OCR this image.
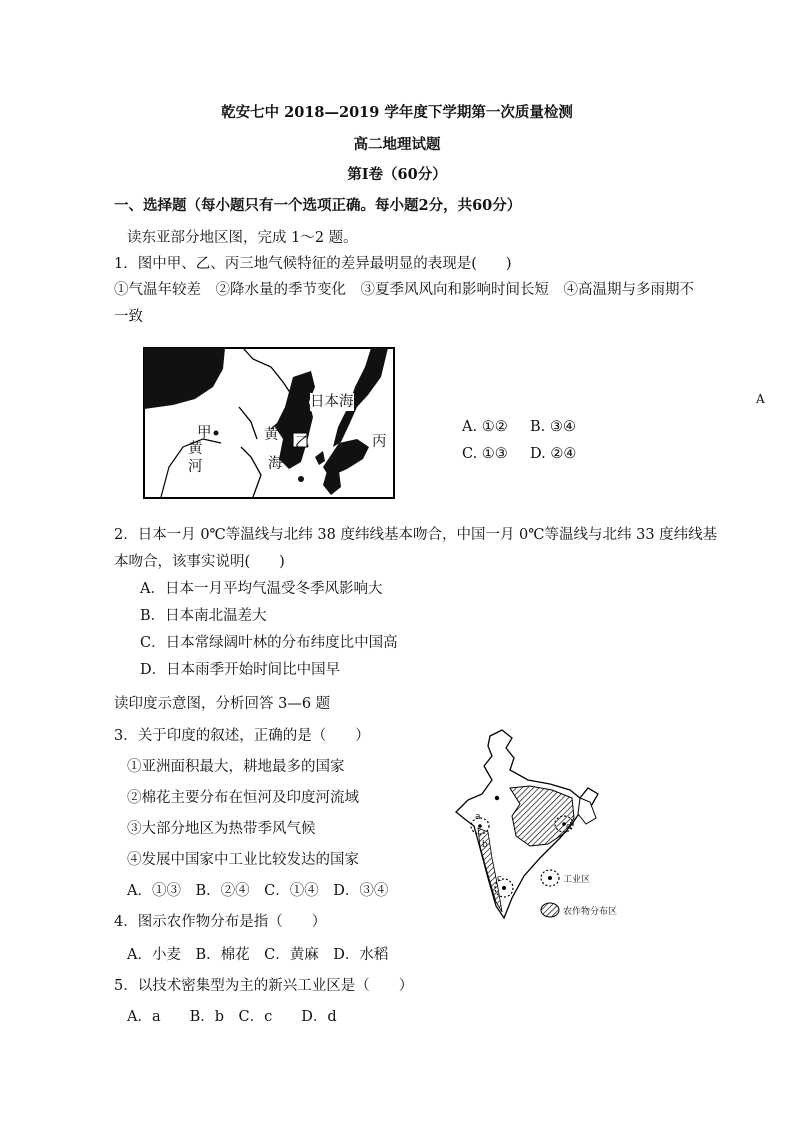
乾安七中 2018—2019 学年度下学期第一次质量检测
高二地理试题
第Ⅰ卷（60分）
一、选择题（每小题只有一个选项正确。每小题2分，共60分）
读东亚部分地区图，完成 1～2 题。
1．图中甲、乙、丙三地气候特征的差异最明显的表现是(　　)
①气温年较差　②降水量的季节变化　③夏季风风向和影响时间长短　④高温期与多雨期不
一致
蒙古
日本海
甲	黄
海
黄
河
乙	丙
A. ①② B. ③④
C. ①③ D. ②④
A
2．日本一月 0℃等温线与北纬 38 度纬线基本吻合，中国一月 0℃等温线与北纬 33 度纬线基
本吻合，该事实说明(　　)
A．日本一月平均气温受冬季风影响大
B．日本南北温差大
C．日本常绿阔叶林的分布纬度比中国高
D．日本雨季开始时间比中国早
读印度示意图，分析回答 3—6 题
3．关于印度的叙述，正确的是（　　）
①亚洲面积最大，耕地最多的国家
②棉花主要分布在恒河及印度河流域
③大部分地区为热带季风气候
④发展中国家中工业比较发达的国家
A．①③　B．②④　C．①④　D．③④
a
b
c
d
工业区
农作物分布区
4．图示农作物分布是指（　　）
A．小麦　B．棉花　C．黄麻　D．水稻
5．以技术密集型为主的新兴工业区是（　　）
A．a　　B．b　C．c　　D．d
